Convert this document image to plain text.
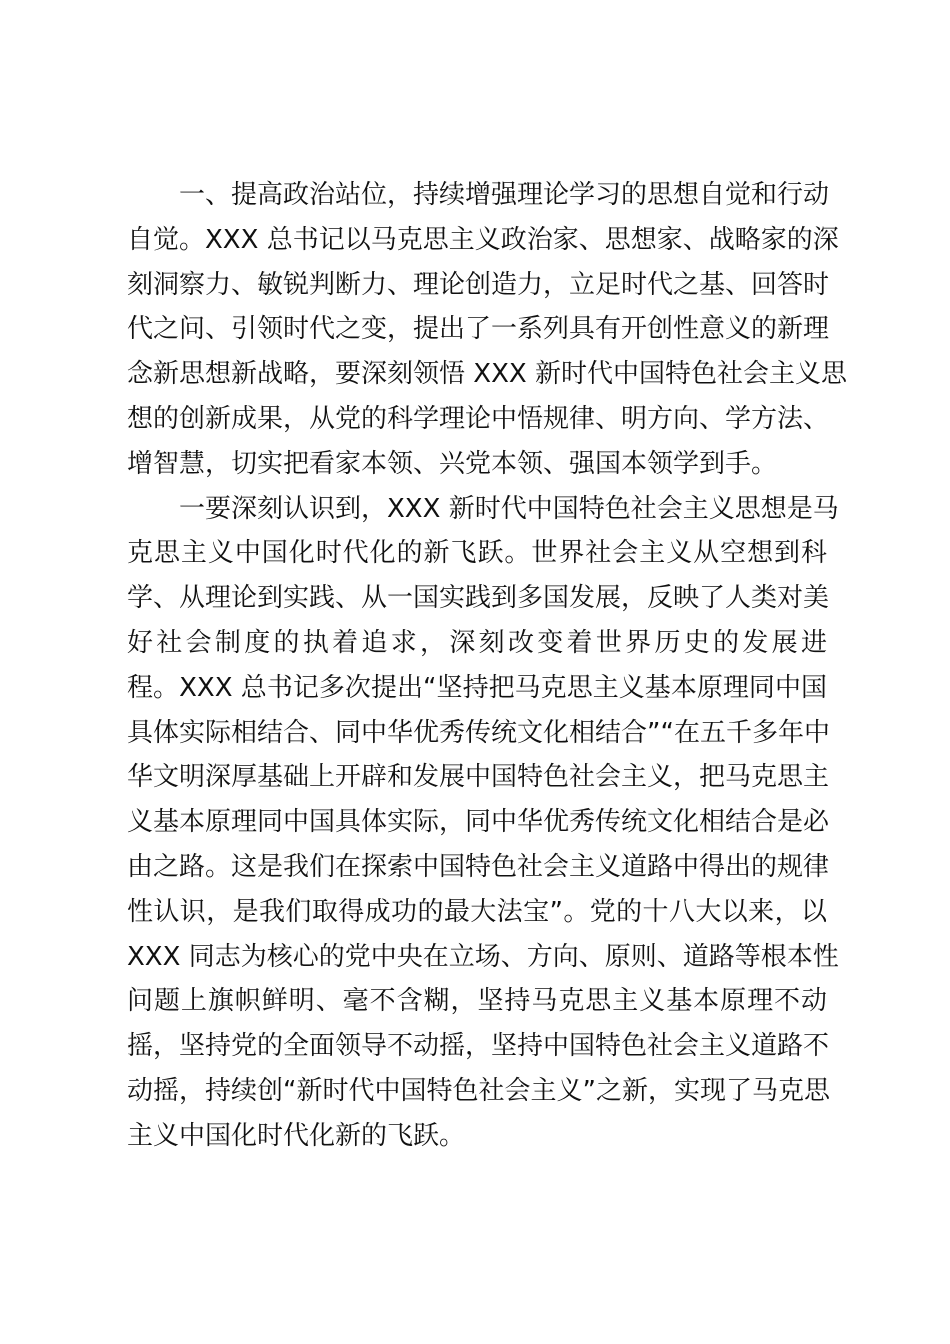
一、提高政治站位，持续增强理论学习的思想自觉和行动
自觉。XXX 总书记以马克思主义政治家、思想家、战略家的深
刻洞察力、敏锐判断力、理论创造力，立足时代之基、回答时
代之问、引领时代之变，提出了一系列具有开创性意义的新理
念新思想新战略，要深刻领悟 XXX 新时代中国特色社会主义思
想的创新成果，从党的科学理论中悟规律、明方向、学方法、
增智慧，切实把看家本领、兴党本领、强国本领学到手。
一要深刻认识到，XXX 新时代中国特色社会主义思想是马
克思主义中国化时代化的新飞跃。世界社会主义从空想到科
学、从理论到实践、从一国实践到多国发展，反映了人类对美
好社会制度的执着追求，深刻改变着世界历史的发展进
程。XXX 总书记多次提出“坚持把马克思主义基本原理同中国
具体实际相结合、同中华优秀传统文化相结合”“在五千多年中
华文明深厚基础上开辟和发展中国特色社会主义，把马克思主
义基本原理同中国具体实际，同中华优秀传统文化相结合是必
由之路。这是我们在探索中国特色社会主义道路中得出的规律
性认识，是我们取得成功的最大法宝”。党的十八大以来，以
XXX 同志为核心的党中央在立场、方向、原则、道路等根本性
问题上旗帜鲜明、毫不含糊，坚持马克思主义基本原理不动
摇，坚持党的全面领导不动摇，坚持中国特色社会主义道路不
动摇，持续创“新时代中国特色社会主义”之新，实现了马克思
主义中国化时代化新的飞跃。
